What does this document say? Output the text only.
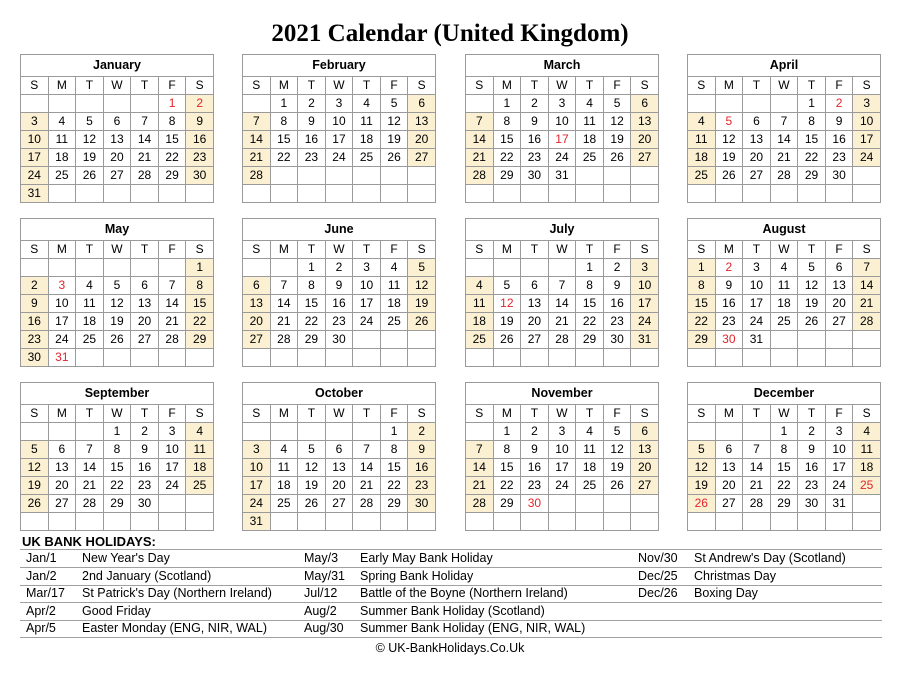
2021 Calendar (United Kingdom)
January						
S	M	T	W	T	F	S
					1	2
3	4	5	6	7	8	9
10	11	12	13	14	15	16
17	18	19	20	21	22	23
24	25	26	27	28	29	30
31						
February						
S	M	T	W	T	F	S
	1	2	3	4	5	6
7	8	9	10	11	12	13
14	15	16	17	18	19	20
21	22	23	24	25	26	27
28						

March						
S	M	T	W	T	F	S
	1	2	3	4	5	6
7	8	9	10	11	12	13
14	15	16	17	18	19	20
21	22	23	24	25	26	27
28	29	30	31			

April						
S	M	T	W	T	F	S
				1	2	3
4	5	6	7	8	9	10
11	12	13	14	15	16	17
18	19	20	21	22	23	24
25	26	27	28	29	30	

May						
S	M	T	W	T	F	S
						1
2	3	4	5	6	7	8
9	10	11	12	13	14	15
16	17	18	19	20	21	22
23	24	25	26	27	28	29
30	31					
June						
S	M	T	W	T	F	S
		1	2	3	4	5
6	7	8	9	10	11	12
13	14	15	16	17	18	19
20	21	22	23	24	25	26
27	28	29	30			

July						
S	M	T	W	T	F	S
				1	2	3
4	5	6	7	8	9	10
11	12	13	14	15	16	17
18	19	20	21	22	23	24
25	26	27	28	29	30	31

August						
S	M	T	W	T	F	S
1	2	3	4	5	6	7
8	9	10	11	12	13	14
15	16	17	18	19	20	21
22	23	24	25	26	27	28
29	30	31				

September						
S	M	T	W	T	F	S
			1	2	3	4
5	6	7	8	9	10	11
12	13	14	15	16	17	18
19	20	21	22	23	24	25
26	27	28	29	30		

October						
S	M	T	W	T	F	S
					1	2
3	4	5	6	7	8	9
10	11	12	13	14	15	16
17	18	19	20	21	22	23
24	25	26	27	28	29	30
31						
November						
S	M	T	W	T	F	S
	1	2	3	4	5	6
7	8	9	10	11	12	13
14	15	16	17	18	19	20
21	22	23	24	25	26	27
28	29	30				

December						
S	M	T	W	T	F	S
			1	2	3	4
5	6	7	8	9	10	11
12	13	14	15	16	17	18
19	20	21	22	23	24	25
26	27	28	29	30	31	

UK BANK HOLIDAYS:
Jan/1 New Year's Day
Jan/2 2nd January (Scotland)
Mar/17 St Patrick's Day (Northern Ireland)
Apr/2 Good Friday
Apr/5 Easter Monday (ENG, NIR, WAL)
May/3 Early May Bank Holiday
May/31 Spring Bank Holiday
Jul/12 Battle of the Boyne (Northern Ireland)
Aug/2 Summer Bank Holiday (Scotland)
Aug/30 Summer Bank Holiday (ENG, NIR, WAL)
Nov/30 St Andrew's Day (Scotland)
Dec/25 Christmas Day
Dec/26 Boxing Day
© UK-BankHolidays.Co.Uk
